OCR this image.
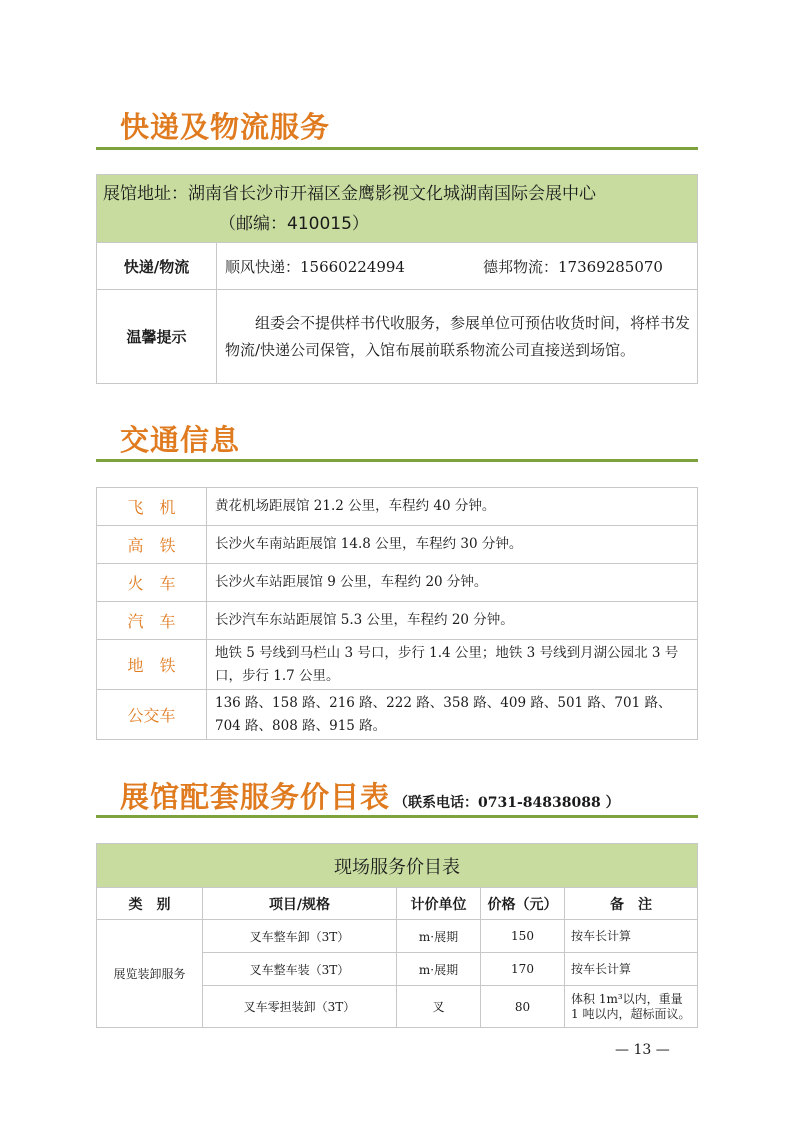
快递及物流服务
展馆地址：湖南省长沙市开福区金鹰影视文化城湖南国际会展中心
（邮编：410015）	

快递/物流	顺风快递：15660224994 德邦物流：17369285070
温馨提示	组委会不提供样书代收服务，参展单位可预估收货时间，将样书发物流/快递公司保管，入馆布展前联系物流公司直接送到场馆。
交通信息
飞机	黄花机场距展馆 21.2 公里，车程约 40 分钟。
高铁	长沙火车南站距展馆 14.8 公里，车程约 30 分钟。
火车	长沙火车站距展馆 9 公里，车程约 20 分钟。
汽车	长沙汽车东站距展馆 5.3 公里，车程约 20 分钟。
地铁	地铁 5 号线到马栏山 3 号口，步行 1.4 公里；地铁 3 号线到月湖公园北 3 号口，步行 1.7 公里。
公交车	136 路、158 路、216 路、222 路、358 路、409 路、501 路、701 路、704 路、808 路、915 路。
展馆配套服务价目表 （联系电话：0731-84838088 ）
现场服务价目表				
类　别	项目/规格	计价单位	价格（元）	备　注
展览装卸服务	叉车整车卸（3T）	m·展期	150	按车长计算
	叉车整车装（3T）	m·展期	170	按车长计算
	叉车零担装卸（3T）	叉	80	体积 1m³以内，重量 1 吨以内，超标面议。
— 13 —
